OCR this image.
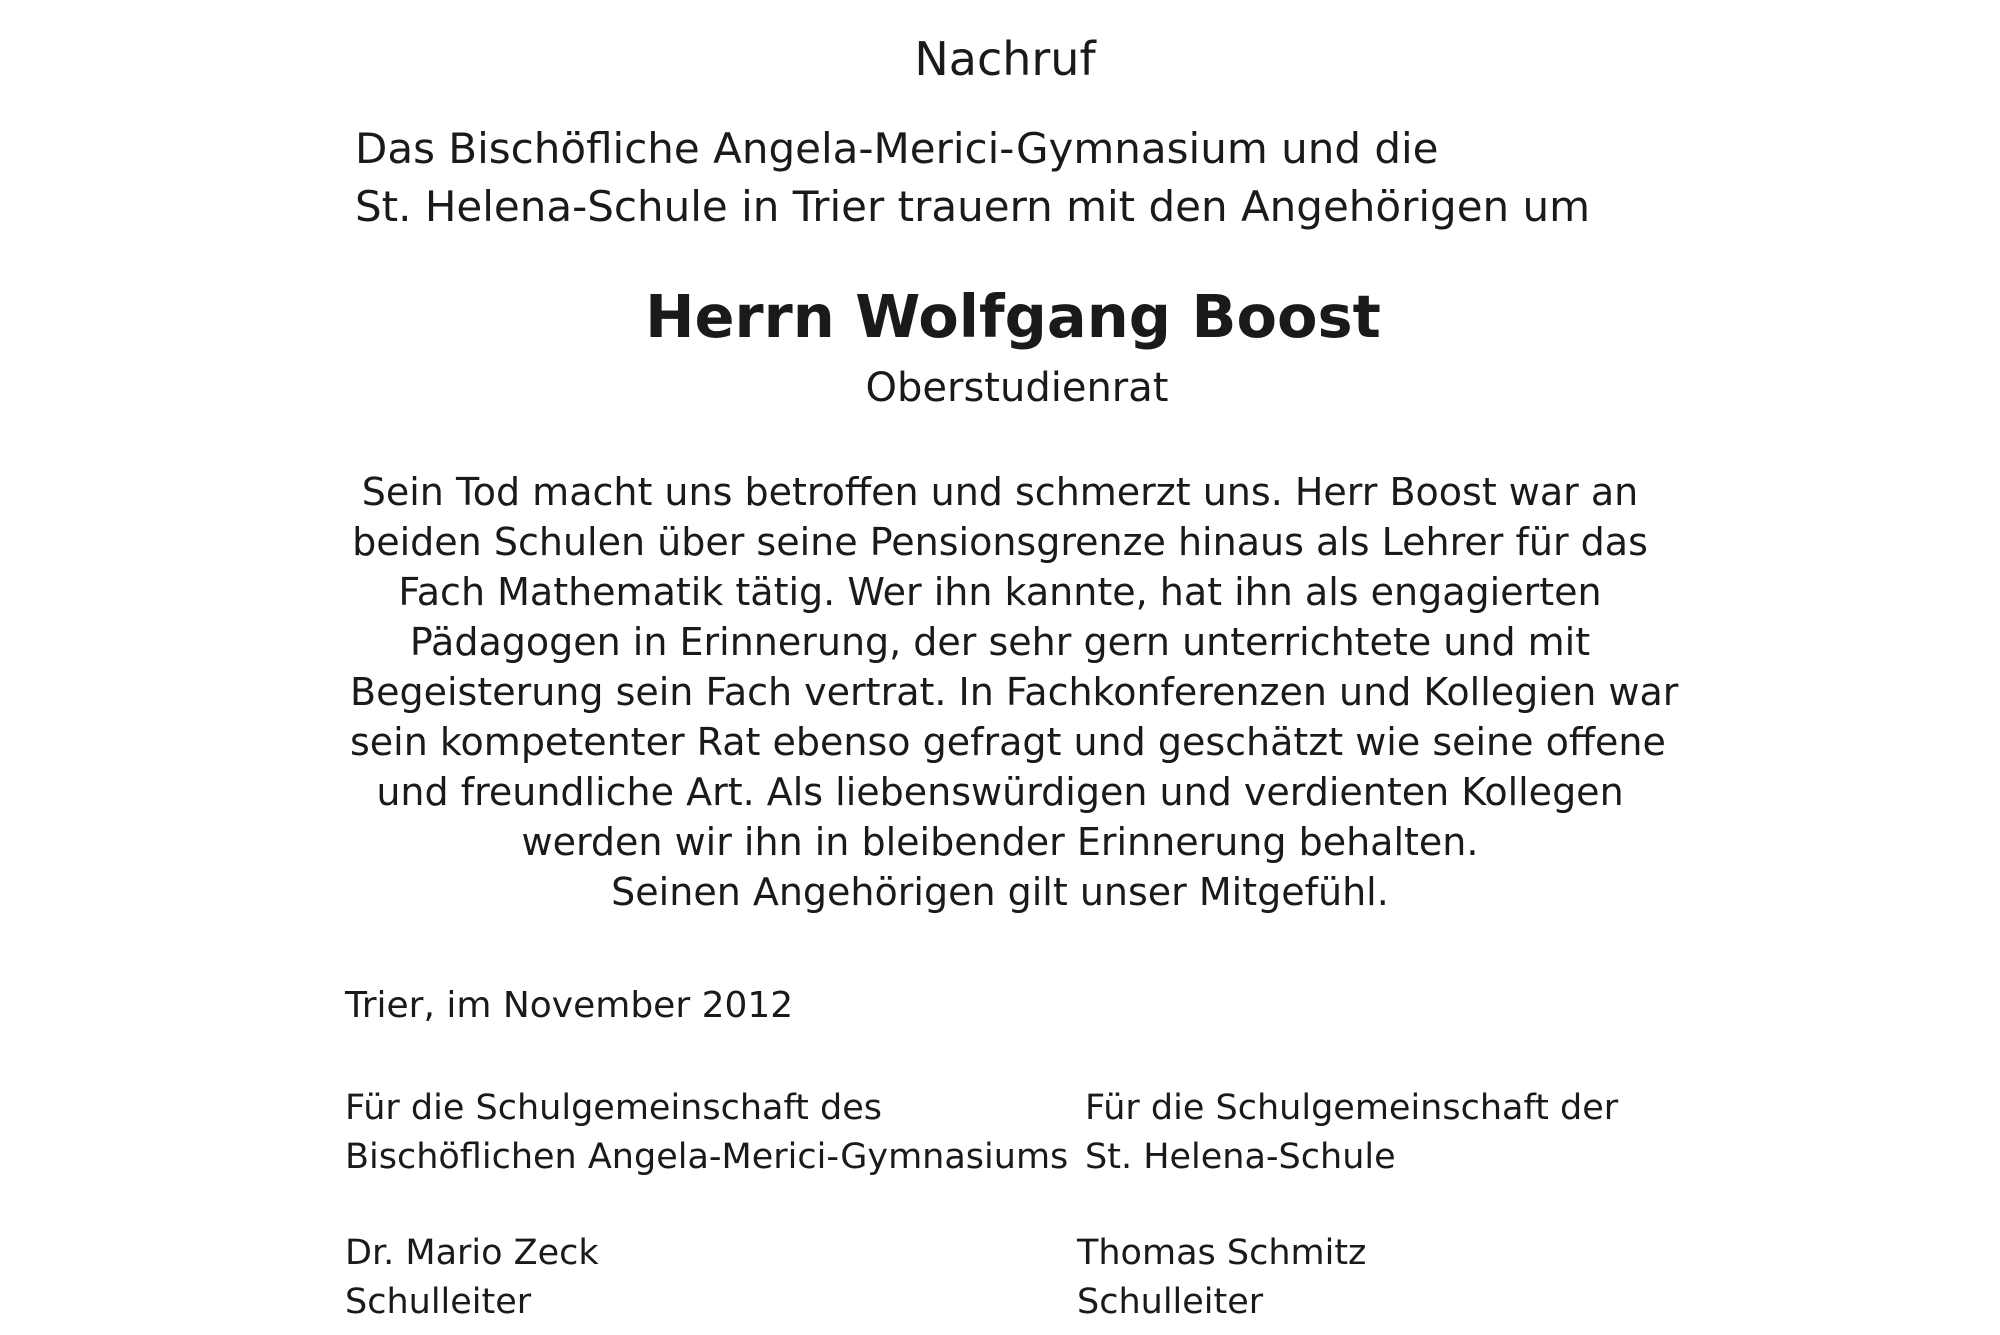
Nachruf
Das Bischöfliche Angela-Merici-Gymnasium und die
St. Helena-Schule in Trier trauern mit den Angehörigen um
Herrn Wolfgang Boost
Oberstudienrat
Sein Tod macht uns betroffen und schmerzt uns. Herr Boost war an
beiden Schulen über seine Pensionsgrenze hinaus als Lehrer für das
Fach Mathematik tätig. Wer ihn kannte, hat ihn als engagierten
Pädagogen in Erinnerung, der sehr gern unterrichtete und mit
Begeisterung sein Fach vertrat. In Fachkonferenzen und Kollegien war
sein kompetenter Rat ebenso gefragt und geschätzt wie seine offene
und freundliche Art. Als liebenswürdigen und verdienten Kollegen
werden wir ihn in bleibender Erinnerung behalten.
Seinen Angehörigen gilt unser Mitgefühl.
Trier, im November 2012
Für die Schulgemeinschaft des
Bischöflichen Angela-Merici-Gymnasiums
Für die Schulgemeinschaft der
St. Helena-Schule
Dr. Mario Zeck
Schulleiter
Thomas Schmitz
Schulleiter
